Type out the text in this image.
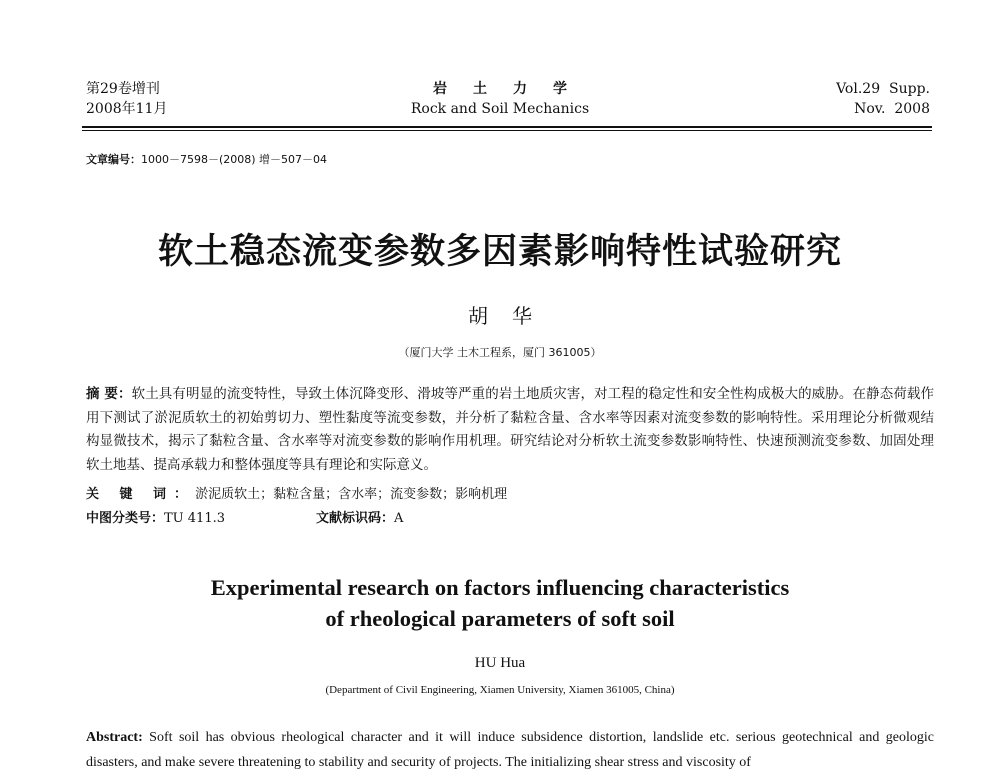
第29卷增刊
2008年11月
岩土力学
Rock and Soil Mechanics
Vol.29  Supp.
Nov.  2008
文章编号：1000－7598－(2008) 增－507－04
软土稳态流变参数多因素影响特性试验研究
胡华
（厦门大学 土木工程系，厦门 361005）
摘 要：软土具有明显的流变特性，导致土体沉降变形、滑坡等严重的岩土地质灾害，对工程的稳定性和安全性构成极大的威胁。在静态荷载作用下测试了淤泥质软土的初始剪切力、塑性黏度等流变参数，并分析了黏粒含量、含水率等因素对流变参数的影响特性。采用理论分析微观结构显微技术，揭示了黏粒含量、含水率等对流变参数的影响作用机理。研究结论对分析软土流变参数影响特性、快速预测流变参数、加固处理软土地基、提高承载力和整体强度等具有理论和实际意义。
关 键 词：淤泥质软土；黏粒含量；含水率；流变参数；影响机理
中图分类号：TU 411.3	文献标识码：A
Experimental research on factors influencing characteristics
of rheological parameters of soft soil
HU Hua
(Department of Civil Engineering, Xiamen University, Xiamen 361005, China)
Abstract: Soft soil has obvious rheological character and it will induce subsidence distortion, landslide etc. serious geotechnical and geologic disasters, and make severe threatening to stability and security of projects. The initializing shear stress and viscosity of
